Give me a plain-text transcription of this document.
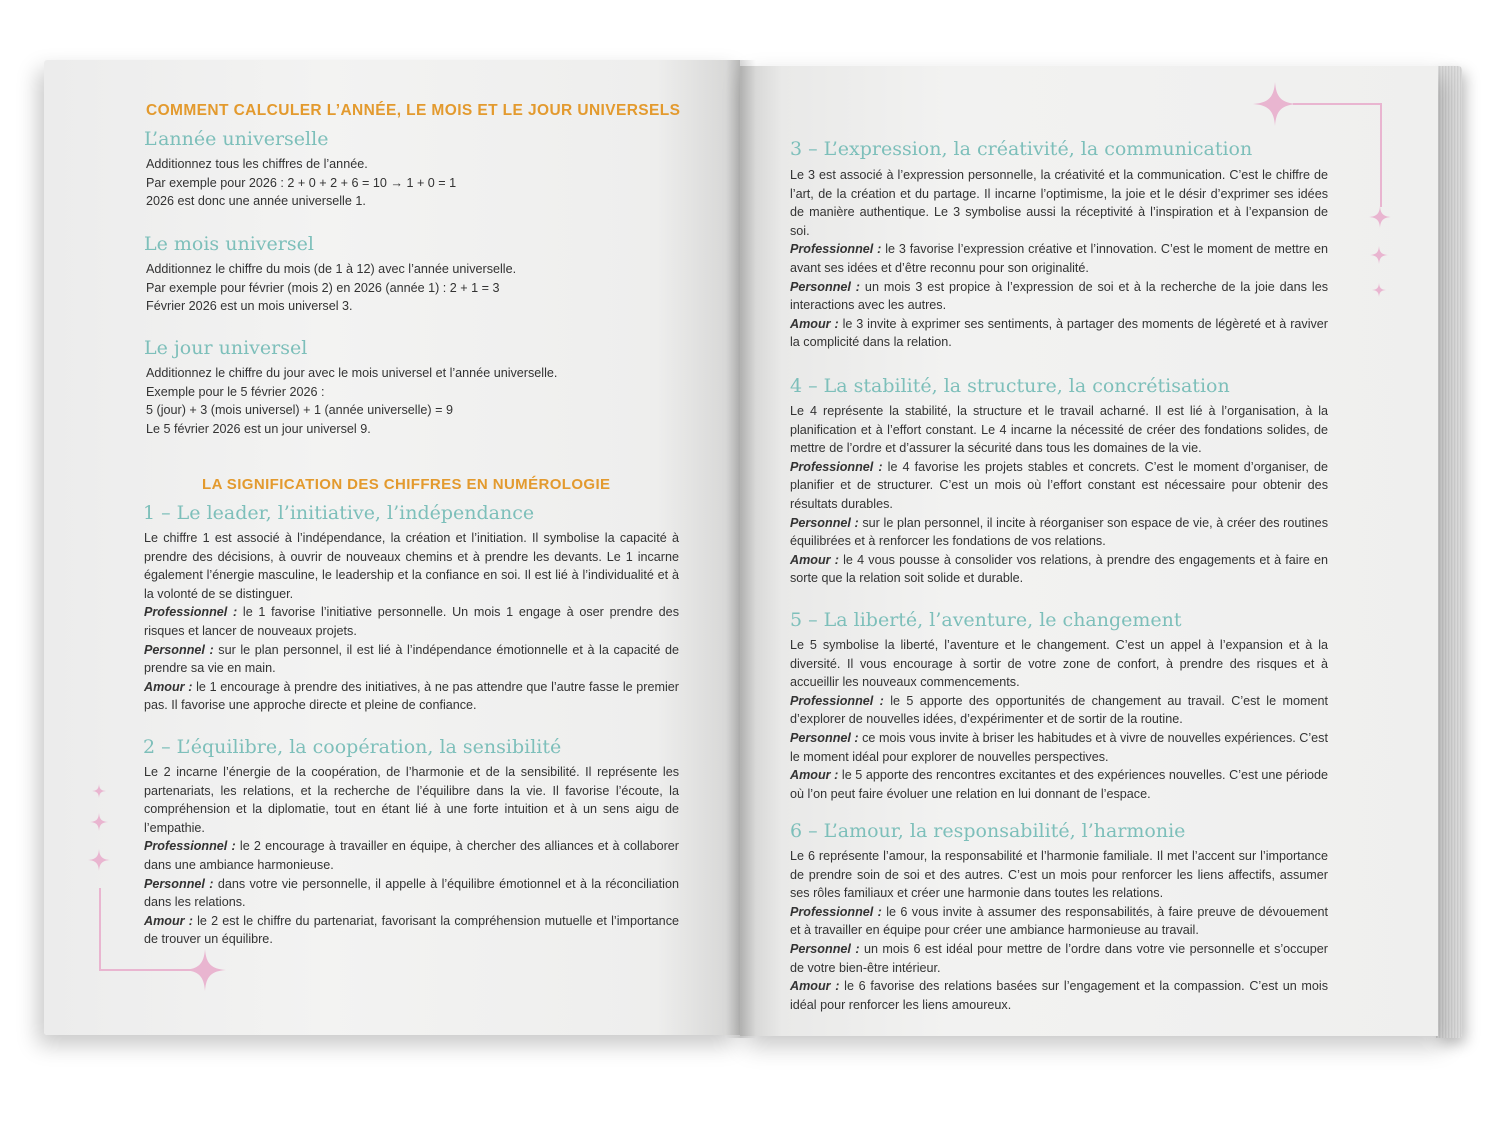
COMMENT CALCULER L’ANNÉE, LE MOIS ET LE JOUR UNIVERSELS
L’année universelle

Additionnez tous les chiffres de l’année.

Par exemple pour 2026 : 2 + 0 + 2 + 6 = 10 → 1 + 0 = 1

2026 est donc une année universelle 1.

Le mois universel

Additionnez le chiffre du mois (de 1 à 12) avec l’année universelle.

Par exemple pour février (mois 2) en 2026 (année 1) : 2 + 1 = 3

Février 2026 est un mois universel 3.

Le jour universel

Additionnez le chiffre du jour avec le mois universel et l’année universelle.

Exemple pour le 5 février 2026 :

5 (jour) + 3 (mois universel) + 1 (année universelle) = 9

Le 5 février 2026 est un jour universel 9.

LA SIGNIFICATION DES CHIFFRES EN NUMÉROLOGIE
1 – Le leader, l’initiative, l’indépendance

Le chiffre 1 est associé à l’indépendance, la création et l’initiation. Il symbolise la capacité à prendre des décisions, à ouvrir de nouveaux chemins et à prendre les devants. Le 1 incarne également l’énergie masculine, le leadership et la confiance en soi. Il est lié à l’individualité et à la volonté de se distinguer.

Professionnel : le 1 favorise l’initiative personnelle. Un mois 1 engage à oser prendre des risques et lancer de nouveaux projets.

Personnel : sur le plan personnel, il est lié à l’indépendance émotionnelle et à la capacité de prendre sa vie en main.

Amour : le 1 encourage à prendre des initiatives, à ne pas attendre que l’autre fasse le premier pas. Il favorise une approche directe et pleine de confiance.

2 – L’équilibre, la coopération, la sensibilité

Le 2 incarne l’énergie de la coopération, de l’harmonie et de la sensibilité. Il représente les partenariats, les relations, et la recherche de l’équilibre dans la vie. Il favorise l’écoute, la compréhension et la diplomatie, tout en étant lié à une forte intuition et à un sens aigu de l’empathie.

Professionnel : le 2 encourage à travailler en équipe, à chercher des alliances et à collaborer dans une ambiance harmonieuse.

Personnel : dans votre vie personnelle, il appelle à l’équilibre émotionnel et à la réconciliation dans les relations.

Amour : le 2 est le chiffre du partenariat, favorisant la compréhension mutuelle et l’importance de trouver un équilibre.

3 – L’expression, la créativité, la communication

Le 3 est associé à l’expression personnelle, la créativité et la communication. C’est le chiffre de l’art, de la création et du partage. Il incarne l’optimisme, la joie et le désir d’exprimer ses idées de manière authentique. Le 3 symbolise aussi la réceptivité à l’inspiration et à l’expansion de soi.

Professionnel : le 3 favorise l’expression créative et l’innovation. C’est le moment de mettre en avant ses idées et d’être reconnu pour son originalité.

Personnel : un mois 3 est propice à l’expression de soi et à la recherche de la joie dans les interactions avec les autres.

Amour : le 3 invite à exprimer ses sentiments, à partager des moments de légèreté et à raviver la complicité dans la relation.

4 – La stabilité, la structure, la concrétisation

Le 4 représente la stabilité, la structure et le travail acharné. Il est lié à l’organisation, à la planification et à l’effort constant. Le 4 incarne la nécessité de créer des fondations solides, de mettre de l’ordre et d’assurer la sécurité dans tous les domaines de la vie.

Professionnel : le 4 favorise les projets stables et concrets. C’est le moment d’organiser, de planifier et de structurer. C’est un mois où l’effort constant est nécessaire pour obtenir des résultats durables.

Personnel : sur le plan personnel, il incite à réorganiser son espace de vie, à créer des routines équilibrées et à renforcer les fondations de vos relations.

Amour : le 4 vous pousse à consolider vos relations, à prendre des engagements et à faire en sorte que la relation soit solide et durable.

5 – La liberté, l’aventure, le changement

Le 5 symbolise la liberté, l’aventure et le changement. C’est un appel à l’expansion et à la diversité. Il vous encourage à sortir de votre zone de confort, à prendre des risques et à accueillir les nouveaux commencements.

Professionnel : le 5 apporte des opportunités de changement au travail. C’est le moment d’explorer de nouvelles idées, d’expérimenter et de sortir de la routine.

Personnel : ce mois vous invite à briser les habitudes et à vivre de nouvelles expériences. C’est le moment idéal pour explorer de nouvelles perspectives.

Amour : le 5 apporte des rencontres excitantes et des expériences nouvelles. C’est une période où l’on peut faire évoluer une relation en lui donnant de l’espace.

6 – L’amour, la responsabilité, l’harmonie

Le 6 représente l’amour, la responsabilité et l’harmonie familiale. Il met l’accent sur l’importance de prendre soin de soi et des autres. C’est un mois pour renforcer les liens affectifs, assumer ses rôles familiaux et créer une harmonie dans toutes les relations.

Professionnel : le 6 vous invite à assumer des responsabilités, à faire preuve de dévouement et à travailler en équipe pour créer une ambiance harmonieuse au travail.

Personnel : un mois 6 est idéal pour mettre de l’ordre dans votre vie personnelle et s’occuper de votre bien-être intérieur.

Amour : le 6 favorise des relations basées sur l’engagement et la compassion. C’est un mois idéal pour renforcer les liens amoureux.
